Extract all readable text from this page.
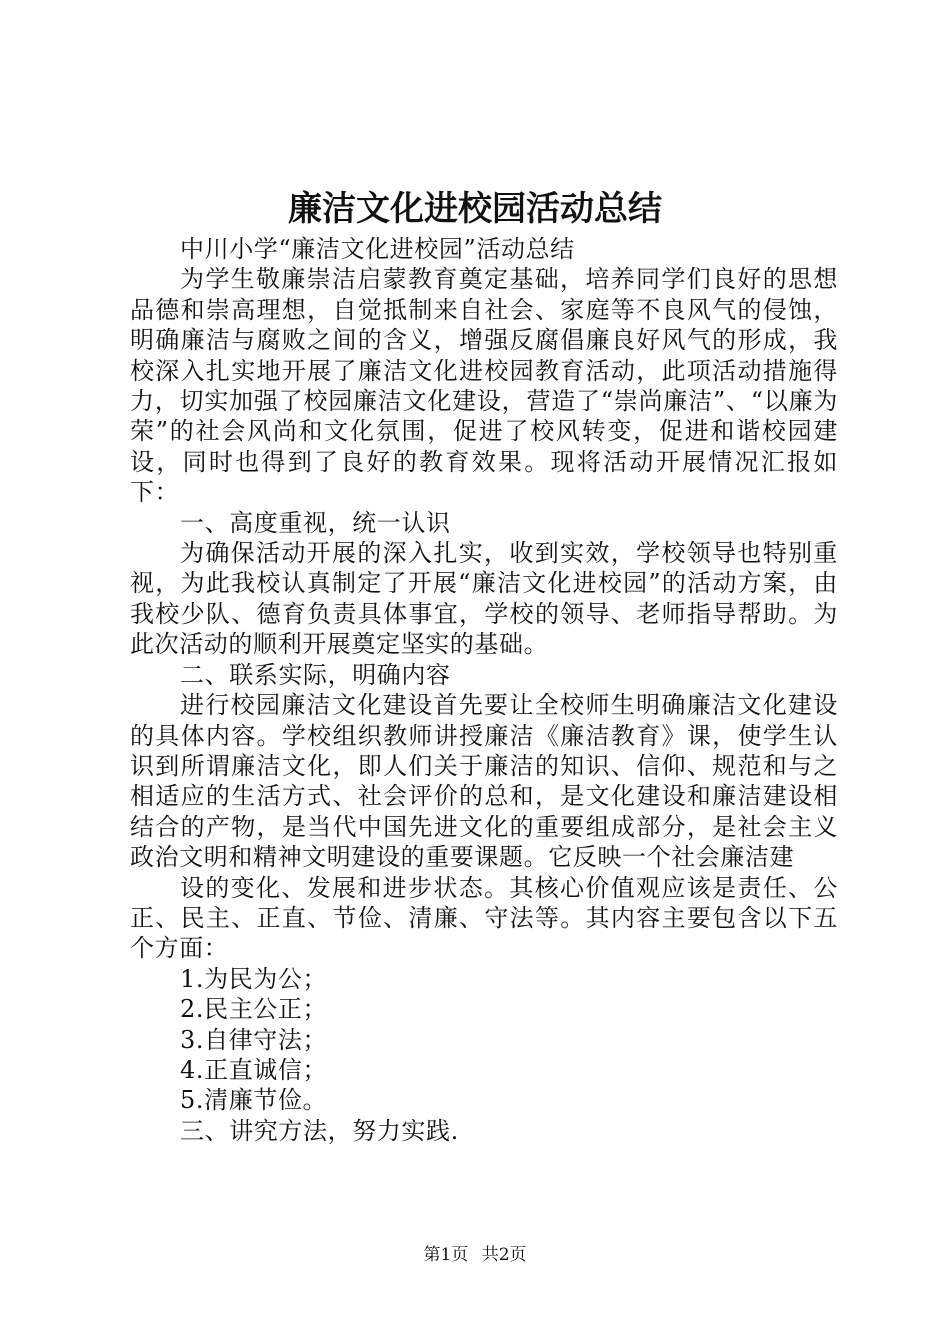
廉洁文化进校园活动总结

中川小学“廉洁文化进校园”活动总结

为学生敬廉崇洁启蒙教育奠定基础，培养同学们良好的思想品德和崇高理想，自觉抵制来自社会、家庭等不良风气的侵蚀，明确廉洁与腐败之间的含义，增强反腐倡廉良好风气的形成，我校深入扎实地开展了廉洁文化进校园教育活动，此项活动措施得力，切实加强了校园廉洁文化建设，营造了“崇尚廉洁”、“以廉为荣”的社会风尚和文化氛围，促进了校风转变，促进和谐校园建设，同时也得到了良好的教育效果。现将活动开展情况汇报如下：

一、高度重视，统一认识

为确保活动开展的深入扎实，收到实效，学校领导也特别重视，为此我校认真制定了开展“廉洁文化进校园”的活动方案，由我校少队、德育负责具体事宜，学校的领导、老师指导帮助。为此次活动的顺利开展奠定坚实的基础。

二、联系实际，明确内容

进行校园廉洁文化建设首先要让全校师生明确廉洁文化建设的具体内容。学校组织教师讲授廉洁《廉洁教育》课，使学生认识到所谓廉洁文化，即人们关于廉洁的知识、信仰、规范和与之相适应的生活方式、社会评价的总和，是文化建设和廉洁建设相结合的产物，是当代中国先进文化的重要组成部分，是社会主义政治文明和精神文明建设的重要课题。它反映一个社会廉洁建

设的变化、发展和进步状态。其核心价值观应该是责任、公正、民主、正直、节俭、清廉、守法等。其内容主要包含以下五个方面：

1.为民为公；

2.民主公正；

3.自律守法；

4.正直诚信；

5.清廉节俭。

三、讲究方法，努力实践.

第1页 共2页
